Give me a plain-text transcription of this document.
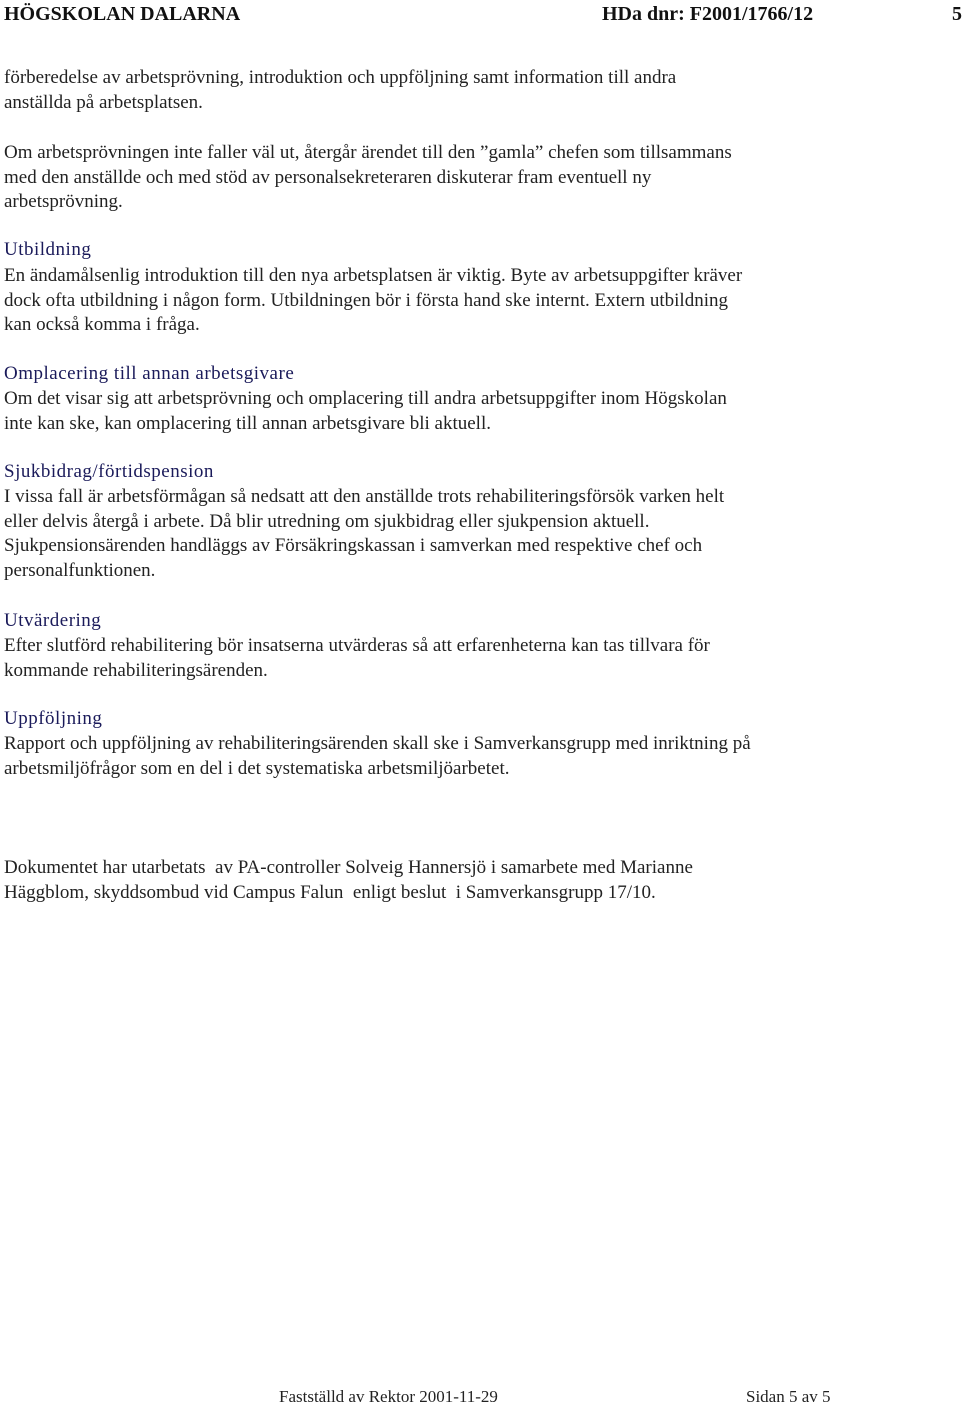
HÖGSKOLAN DALARNA	HDa dnr: F2001/1766/12	5
förberedelse av arbetsprövning, introduktion och uppföljning samt information till andra
anställda på arbetsplatsen.
Om arbetsprövningen inte faller väl ut, återgår ärendet till den ”gamla” chefen som tillsammans
med den anställde och med stöd av personalsekreteraren diskuterar fram eventuell ny
arbetsprövning.
Utbildning
En ändamålsenlig introduktion till den nya arbetsplatsen är viktig. Byte av arbetsuppgifter kräver
dock ofta utbildning i någon form. Utbildningen bör i första hand ske internt. Extern utbildning
kan också komma i fråga.
Omplacering till annan arbetsgivare
Om det visar sig att arbetsprövning och omplacering till andra arbetsuppgifter inom Högskolan
inte kan ske, kan omplacering till annan arbetsgivare bli aktuell.
Sjukbidrag/förtidspension
I vissa fall är arbetsförmågan så nedsatt att den anställde trots rehabiliteringsförsök varken helt
eller delvis återgå i arbete. Då blir utredning om sjukbidrag eller sjukpension aktuell.
Sjukpensionsärenden handläggs av Försäkringskassan i samverkan med respektive chef och
personalfunktionen.
Utvärdering
Efter slutförd rehabilitering bör insatserna utvärderas så att erfarenheterna kan tas tillvara för
kommande rehabiliteringsärenden.
Uppföljning
Rapport och uppföljning av rehabiliteringsärenden skall ske i Samverkansgrupp med inriktning på
arbetsmiljöfrågor som en del i det systematiska arbetsmiljöarbetet.
Dokumentet har utarbetats  av PA-controller Solveig Hannersjö i samarbete med Marianne
Häggblom, skyddsombud vid Campus Falun  enligt beslut  i Samverkansgrupp 17/10.
Fastställd av Rektor 2001-11-29	Sidan 5 av 5
